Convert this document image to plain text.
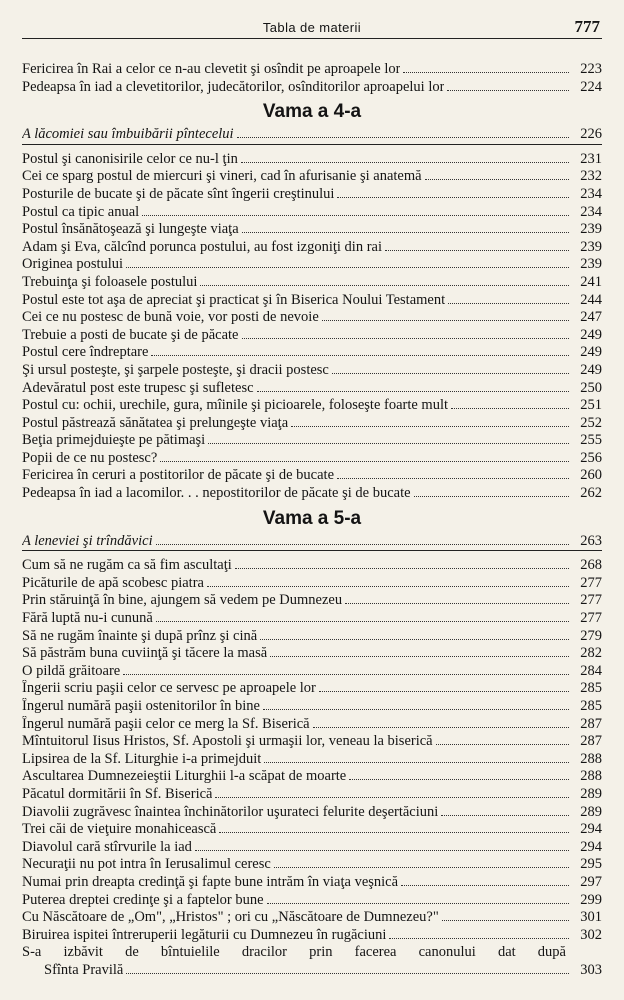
Tabla de materii	777
Fericirea în Rai a celor ce n-au clevetit şi osîndit pe aproapele lor	223
Pedeapsa în iad a clevetitorilor, judecătorilor, osînditorilor aproapelui lor	224
Vama a 4-a
A lăcomiei sau îmbuibării pîntecelui	226
Postul şi canonisirile celor ce nu-l ţin	231
Cei ce sparg postul de miercuri şi vineri, cad în afurisanie şi anatemă	232
Posturile de bucate şi de păcate sînt îngerii creştinului	234
Postul ca tipic anual	234
Postul însănătoşează şi lungeşte viaţa	239
Adam şi Eva, călcînd porunca postului, au fost izgoniţi din rai	239
Originea postului	239
Trebuinţa şi foloasele postului	241
Postul este tot aşa de apreciat şi practicat şi în Biserica Noului Testament	244
Cei ce nu postesc de bună voie, vor posti de nevoie	247
Trebuie a posti de bucate şi de păcate	249
Postul cere îndreptare	249
Şi ursul posteşte, şi şarpele posteşte, şi dracii postesc	249
Adevăratul post este trupesc şi sufletesc	250
Postul cu: ochii, urechile, gura, mîinile şi picioarele, foloseşte foarte mult	251
Postul păstrează sănătatea şi prelungeşte viaţa	252
Beţia primejduieşte pe pătimaşi	255
Popii de ce nu postesc?	256
Fericirea în ceruri a postitorilor de păcate şi de bucate	260
Pedeapsa în iad a lacomilor. . . nepostitorilor de păcate şi de bucate	262
Vama a 5-a
A leneviei şi trîndăvici	263
Cum să ne rugăm ca să fim ascultaţi	268
Picăturile de apă scobesc piatra	277
Prin stăruinţă în bine, ajungem să vedem pe Dumnezeu	277
Fără luptă nu-i cunună	277
Să ne rugăm înainte şi după prînz şi cină	279
Să păstrăm buna cuviinţă şi tăcere la masă	282
O pildă grăitoare	284
Îngerii scriu paşii celor ce servesc pe aproapele lor	285
Îngerul numără paşii ostenitorilor în bine	285
Îngerul numără paşii celor ce merg la Sf. Biserică	287
Mîntuitorul Iisus Hristos, Sf. Apostoli şi urmaşii lor, veneau la biserică	287
Lipsirea de la Sf. Liturghie i-a primejduit	288
Ascultarea Dumnezeieştii Liturghii l-a scăpat de moarte	288
Păcatul dormitării în Sf. Biserică	289
Diavolii zugrăvesc înaintea închinătorilor uşurateci felurite deşertăciuni	289
Trei căi de vieţuire monahicească	294
Diavolul cară stîrvurile la iad	294
Necuraţii nu pot intra în Ierusalimul ceresc	295
Numai prin dreapta credinţă şi fapte bune intrăm în viaţa veşnică	297
Puterea dreptei credinţe şi a faptelor bune	299
Cu Născătoare de „Om", „Hristos" ; ori cu „Născătoare de Dumnezeu?"	301
Biruirea ispitei întreruperii legăturii cu Dumnezeu în rugăciuni	302
S-a izbăvit de bîntuielile dracilor prin facerea canonului dat după
Sfînta Pravilă	303
